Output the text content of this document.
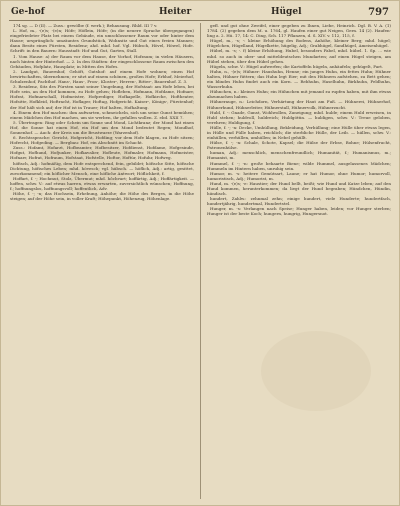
Ge-hof	Heiter	Hügel	797

174 sg. — D (II). — Zuss.: gewölbe (f. werk.); Behausung. Rhld. III 7 v.

L. Hof, m., -(e)s; -(e)n; Höfe; Höflein, Höfe; (in die neuere Sprache übergegangen) eingefriedeter Platz bei einem Gebäude, ein umschlossener Raum vor oder hinter dem Hause; ursprünglich: umzäuntes Grundstück, Wohnsitz und Gut eines freien Mannes; dann Besitz eines Fürsten, Residenz; ahd. mhd. hof. Vgl. Hübsch, Hövel, Höwel, Hofe. Schrift: in den Bauern: Hausstadt: Hof und Gut, Garten, Stall.

1. Vom Hause: a) der Raum vor dem Hause, der Vorhof, Hofraum; in vielen Häusern, nach hinten der Hinterhof. — 2. In den Städten: der eingeschlossene Raum zwischen den Gebäuden, Hofplatz, Hausplatz; in Mitten des Hofes.

2. Landgut, Bauernhof, Gehöft, Gutshof: auf einem Hofe wohnen; einen Hof bewirtschaften, übernehmen; er sitzt auf einem schönen, großen Hofe; Erbhof, Meierhof, Schulzenhof, Pachthof. Hans-, Haus-, Fron-, Kloster-, Herren-, Ritter-, Bauernhof. Z. 3.

3. Residenz, Sitz des Fürsten samt seiner Umgebung, der Hofstaat: am Hofe leben, bei Hofe sein, an den Hof kommen, zu Hofe gehen; Hofleben, Hofmann, Hofdame, Hofnarr, Hofrat, Hofmarschall, Hofmeister, Hofprediger, Hofkapelle, Hofkirche, Hoftheater, Hofsitte, Hofkleid, Hoftracht, Hoflager, Hoftag, Hofgericht. Kaiser-, Königs-, Fürstenhof; der Hof hält sich auf; der Hof ist in Trauer; Hof halten, Hofhaltung.

4. Einem den Hof machen: ihm aufwarten, schmeicheln, sich um seine Gunst bemühen; einem Mädchen den Hof machen, um sie werben, ihr gefallen wollen. Z. ebd. XXII 7.

5. Übertragen: Ring oder Schein um Sonne und Mond, Lichtkranz; der Mond hat einen Hof, die Sonne hat einen Hof, ein Hof um den Mond bedeutet Regen; Mondhof, Sonnenhof. — Auch: der Kreis um die Brustwarze (Warzenhof).

6. Rechtssprache: Gericht, Hofgericht, Hofding; vor dem Hofe klagen, zu Hofe sitzen; Hofrecht, Hofgeding. — Bergbau: Hof, ein Abschnitt im Schacht.

Zuss.: Hofamt, Hofarzt, Hofbeamter, Hofbesitzer, Hofdienst, Hofdame, Hofgesinde, Hofgut, Hofhund, Hofjunker, Hofkavalier, Hofleute, Hofmaler, Hofmann, Hofmeister, Hofnarr, Hofrat, Hofraum, Hofstaat, Hofstelle, Hoftor, Hoftür, Hofuhr, Hofweg.

höfisch, Adj.: hofmäßig, dem Hofe entsprechend, fein, gebildet; höfische Sitte, höfische Dichtung, höfisches Leben; mhd. hövesch; vgl. hübsch. — höflich, Adj.: artig, gesittet, zuvorkommend; ein höflicher Mensch, eine höfliche Antwort; Höflichkeit, f.

Hoffart, f. -; Hochmut, Stolz, Übermut; mhd. hôchvart; hoffärtig, Adj.; Hoffärtigkeit. — hoffen, schw. V.: auf etwas harren, etwas erwarten, zuversichtlich wünschen; Hoffnung, f.; hoffnungslos, hoffnungsvoll; hoffentlich, Adv.

Höhe, f. -; -n; das Hochsein, Erhebung, Anhöhe; die Höhe des Berges, in die Höhe steigen; auf der Höhe sein, in voller Kraft; Höhepunkt, Höhenzug, Höhenlage.

gefl. und gut ohne Zweifel, einer gegeben zu Ihnen, Liebe, Heinrich. Dgl. B. V. A. (1) 1784. (2) gegeben dem M. u. 1764, gl. Haufen einer gut Neigen, Gern. 14 (2). Haufen-ling a. 2. Hü. 17, 14: C. Ding, Sch. 117 Pflanzen, d. S. XIV. v. 112, 115, f.

Hügel, m., -s; -: kleine Erhöhung des Bodens, Anhöhe, kleiner Berg; mhd. hügel; Hügelchen, Hügelland, Hügelkette, hügelig, Adj.; Grabhügel, Sandhügel, Ameisenhügel.

Hübel, m. -s; -. f) kleine Erhöhung, Hubel, besonders Fabel, mhd. hübel. 1. Sp. ... wie mhd. so auch in ober- und mitteldeutschen Mundarten; auf einen Hügel steigen, am Hübel stehen, über den Hübel gehen.

Hügeln, schw. V.: Hügel aufwerfen; die Kartoffeln hügeln, anhäufeln; gehügelt, Part.

Huhn, n., -(e)s; Hühner: Haushuhn, Henne; ein junges Huhn, ein fettes Huhn; Hühner halten, Hühner füttern; das Huhn legt Eier; mit den Hühnern aufstehen, zu Bett gehen; ein blindes Huhn findet auch ein Korn. — Rebhuhn, Haselhuhn, Birkhuhn, Feldhuhn, Wasserhuhn.

Hühnchen, n.: kleines Huhn; ein Hühnchen mit jemand zu rupfen haben, mit ihm etwas abzumachen haben.

Hühnerauge, n.: Leichdorn, Verhärtung der Haut am Fuß. — Hühnerei, Hühnerhof, Hühnerhund, Hühnerleiter, Hühnerstall, Hühnervolk, Hühnerzucht.

Huld, f. -: Gnade, Gunst, Wohlwollen, Zuneigung; mhd. hulde; einem Huld erweisen, in Huld stehen; huldvoll, huldreich; Huldgöttin. — huldigen, schw. V.: Treue geloben, verehren; Huldigung, f.

Hülle, f. -; -n: Decke, Umhüllung, Bekleidung, Verhüllung; eine Hülle über etwas legen, in Hülle und Fülle haben, reichlich; die sterbliche Hülle, der Leib. — hüllen, schw. V.: einhüllen, verhüllen, umhüllen; in Nebel gehüllt.

Hülse, f. -; -n: Schale, Schote, Kapsel; die Hülse der Erbse, Bohne; Hülsenfrucht, Patronenhülse.

human, Adj.: menschlich, menschenfreundlich; Humanität, f.; Humanismus, m.; Humanist, m.

Hummel, f. -; -n: große behaarte Biene; wilde Hummel, ausgelassenes Mädchen; Hummeln im Hintern haben, unruhig sein.

Humor, m. -s: heitere Gemütsart, Laune; er hat Humor, ohne Humor; humorvoll, humoristisch, Adj.; Humorist, m.

Hund, m. -(e)s; -e: Haustier; der Hund bellt, beißt; wie Hund und Katze leben; auf den Hund kommen, herunterkommen; da liegt der Hund begraben; Hündchen, Hündin, hündisch.

hundert, Zahlw.: zehnmal zehn; einige hundert, viele Hunderte; hundertfach, hundertjährig, hundertmal, Hundertstel.

Hunger, m. -s: Verlangen nach Speise; Hunger haben, leiden; vor Hunger sterben; Hunger ist der beste Koch; hungern, hungrig, Hungersnot.
